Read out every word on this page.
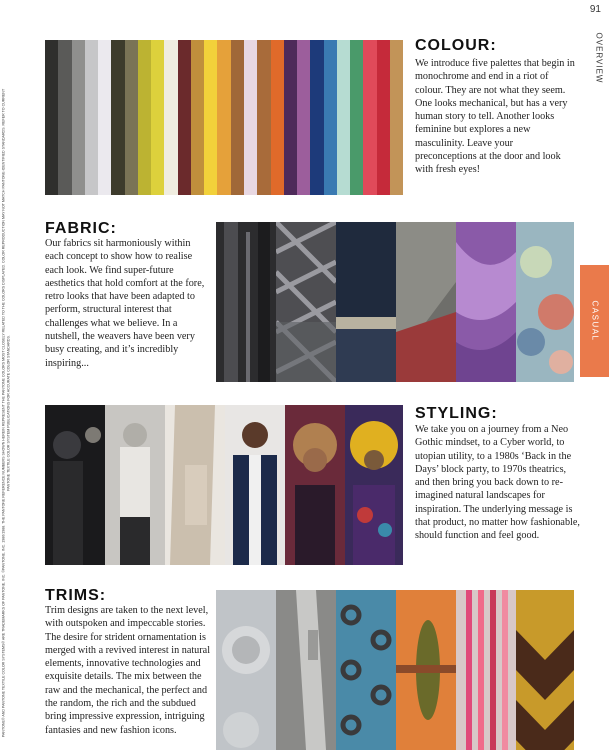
91
OVERVIEW
PANTONE® AND PANTONE TEXTILE COLOR SYSTEMS® ARE TRADEMARKS OF PANTONE, INC. ©PANTONE, INC. 1986/1988. THE PANTONE REFERENCE NUMBERS SHOWN HEREIN REPRESENT THE PANTONE COLORS MOST CLOSELY RELATED TO THE COLORS DISPLAYED. COLOR REPRODUCTION MAY NOT MATCH PANTONE-IDENTIFIED STANDARDS. REFER TO CURRENT PANTONE TEXTILE COLOR SYSTEM PUBLICATIONS FOR ACCURATE COLOR STANDARDS.
CASUAL
COLOUR:

We introduce five palettes that begin in monochrome and end in a riot of colour. They are not what they seem. One looks mechanical, but has a very human story to tell. Another looks feminine but explores a new masculinity. Leave your preconceptions at the door and look with fresh eyes!

FABRIC:

Our fabrics sit harmoniously within each concept to show how to realise each look. We find super-future aesthetics that hold comfort at the fore, retro looks that have been adapted to perform, structural interest that challenges what we believe. In a nutshell, the weavers have been very busy creating, and it’s incredibly inspiring...

STYLING:

We take you on a journey from a Neo Gothic mindset, to a Cyber world, to utopian utility, to a 1980s ‘Back in the Days’ block party, to 1970s theatrics, and then bring you back down to re-imagined natural landscapes for inspiration. The underlying message is that product, no matter how fashionable, should function and feel good.

TRIMS:

Trim designs are taken to the next level, with outspoken and impeccable stories. The desire for strident ornamentation is merged with a revived interest in natural elements, innovative technologies and exquisite details. The mix between the raw and the mechanical, the perfect and the random, the rich and the subdued bring impressive expression, intriguing fantasies and new fashion icons.
